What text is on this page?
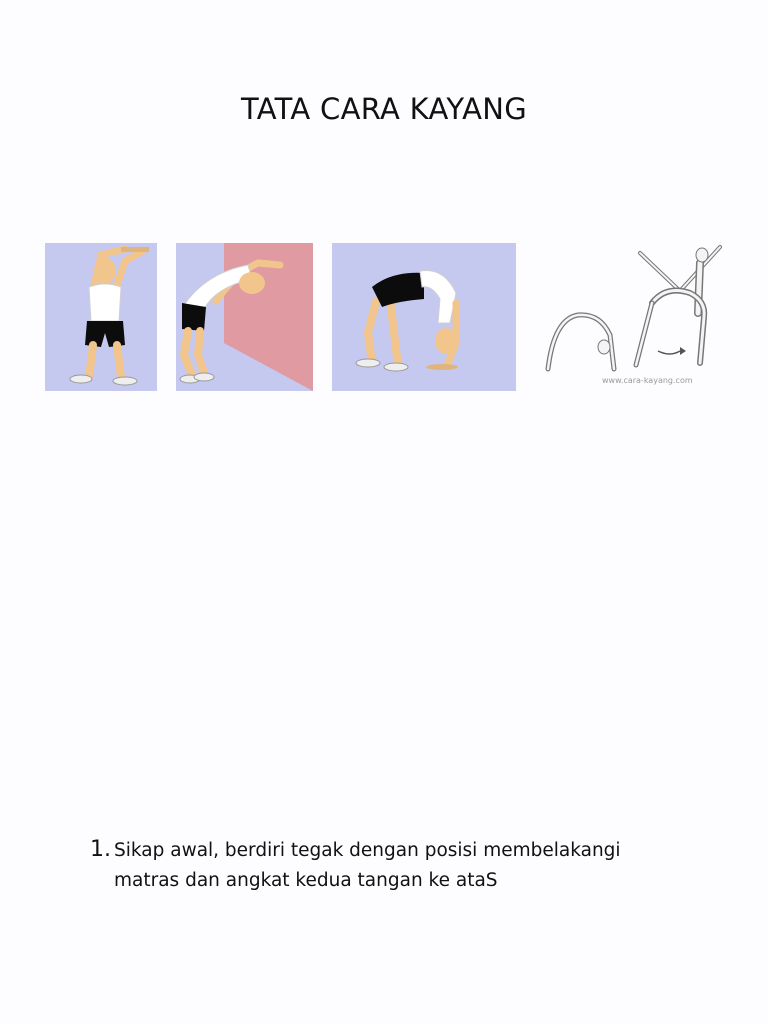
TATA CARA KAYANG
www.cara-kayang.com
1. Sikap awal, berdiri tegak dengan posisi membelakangi
matras dan angkat kedua tangan ke ataS
